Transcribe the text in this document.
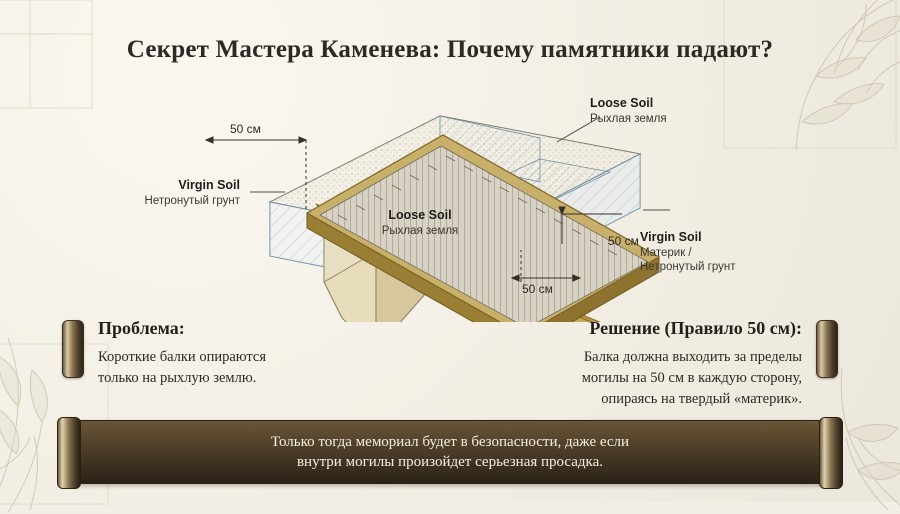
Секрет Мастера Каменева: Почему памятники падают?
Loose Soil
Рыхлая земля
Virgin Soil
Нетронутый грунт
Loose Soil
Рыхлая земля	Virgin Soil
Материк /
Нетронутый грунт
50 см
50 см
50 см
Проблема:
Короткие балки опираются
только на рыхлую землю.
Решение (Правило 50 см):
Балка должна выходить за пределы
могилы на 50 см в каждую сторону,
опираясь на твердый «материк».
Только тогда мемориал будет в безопасности, даже если
внутри могилы произойдет серьезная просадка.
